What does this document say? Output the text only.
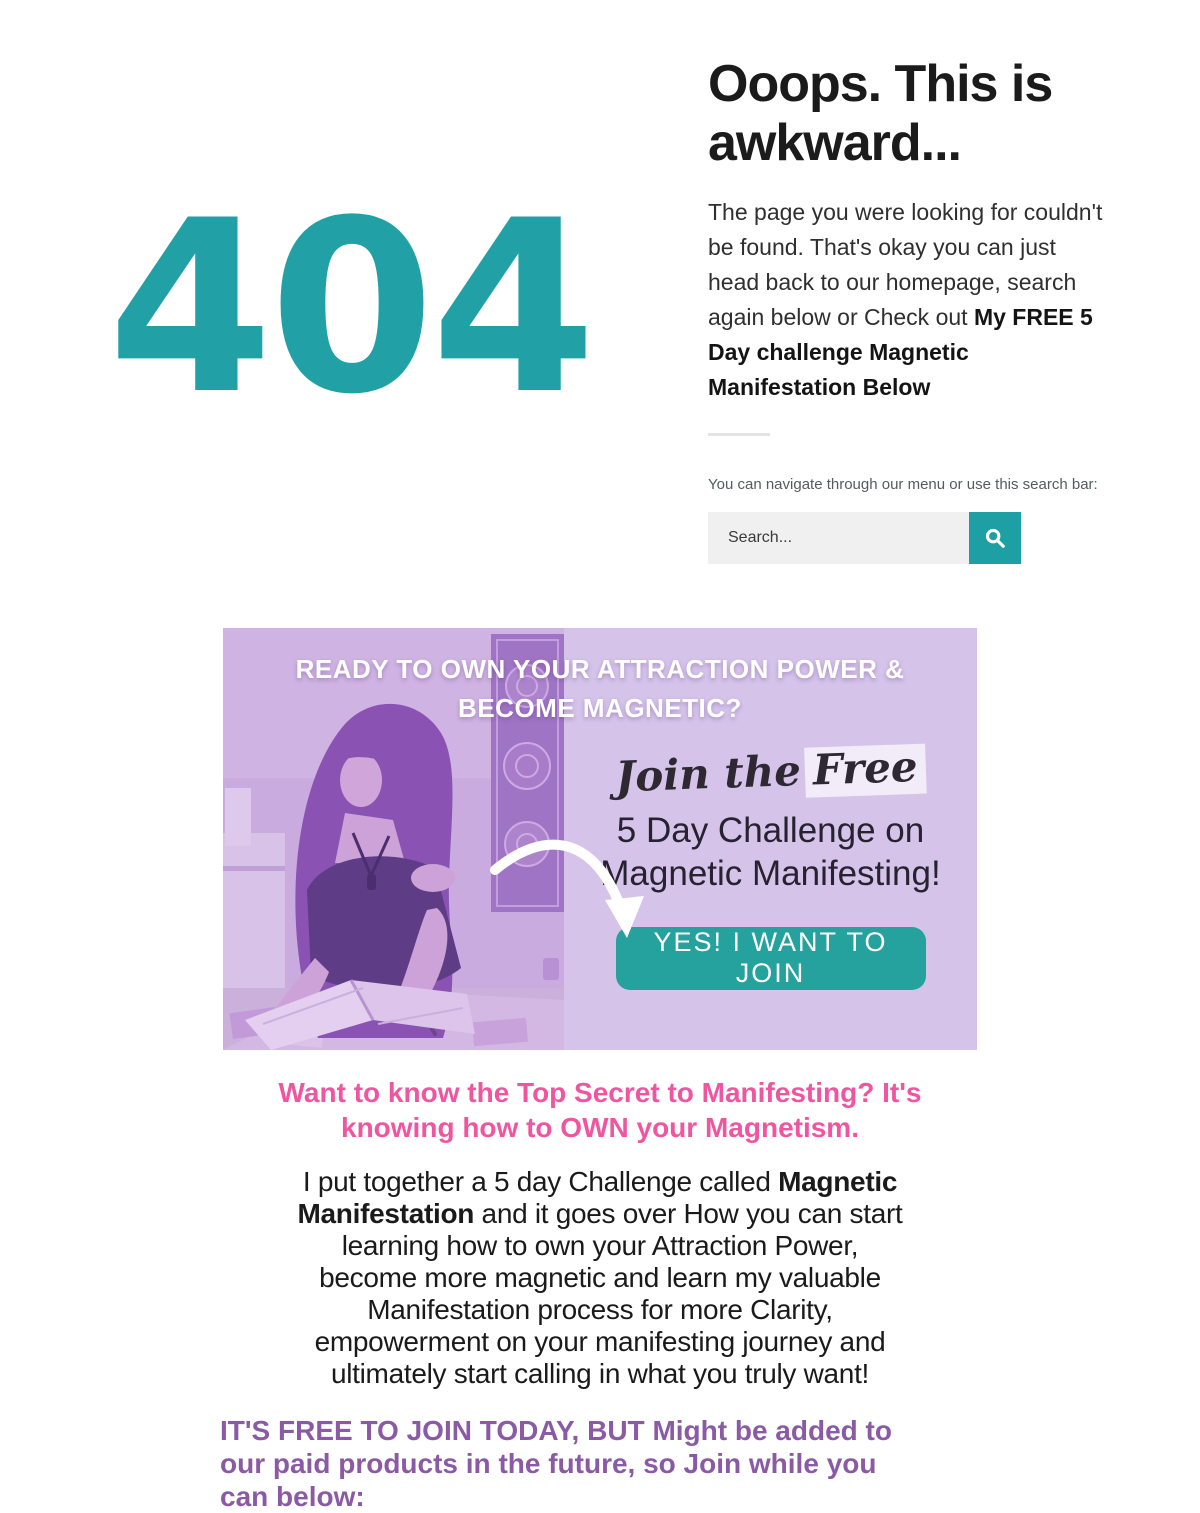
404
Ooops. This is awkward...

The page you were looking for couldn't be found. That's okay you can just head back to our homepage, search again below or Check out My FREE 5 Day challenge Magnetic Manifestation Below

You can navigate through our menu or use this search bar:
Search...
READY TO OWN YOUR ATTRACTION POWER &
BECOME MAGNETIC?
Join the Free
5 Day Challenge on
Magnetic Manifesting!
YES! I WANT TO JOIN
Want to know the Top Secret to Manifesting? It's
knowing how to OWN your Magnetism.
I put together a 5 day Challenge called Magnetic
Manifestation and it goes over How you can start
learning how to own your Attraction Power,
become more magnetic and learn my valuable
Manifestation process for more Clarity,
empowerment on your manifesting journey and
ultimately start calling in what you truly want!
IT'S FREE TO JOIN TODAY, BUT Might be added to
our paid products in the future, so Join while you
can below:
